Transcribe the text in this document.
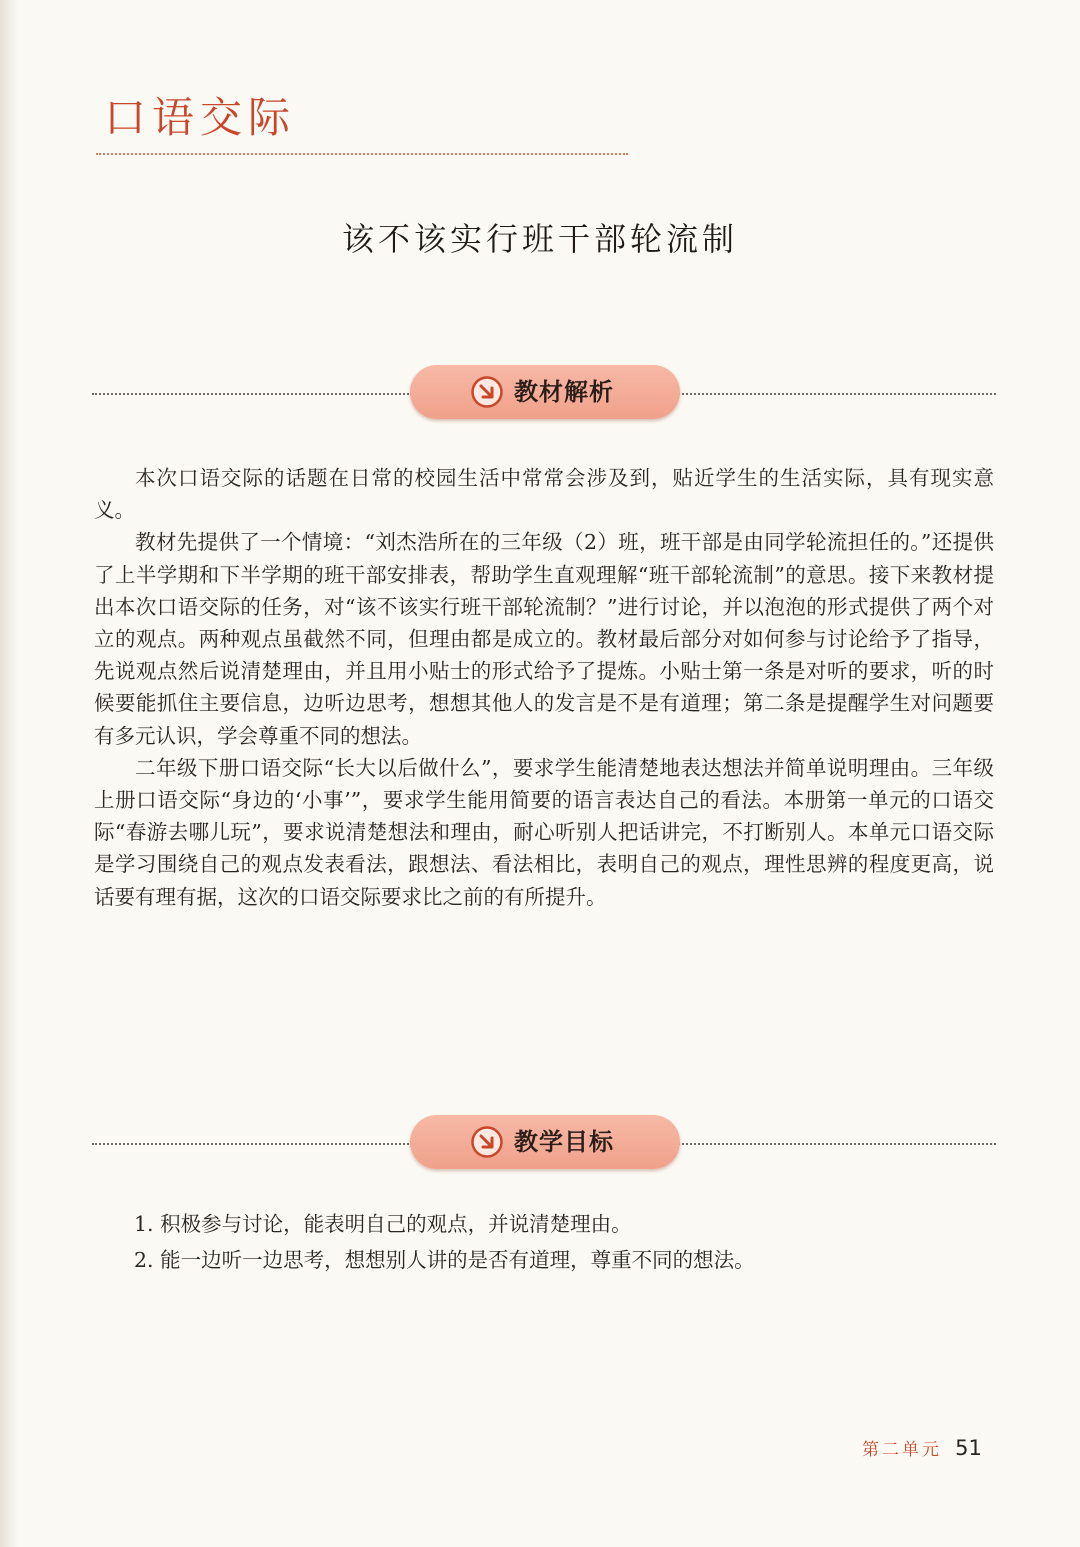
口语交际
该不该实行班干部轮流制
教材解析

本次口语交际的话题在日常的校园生活中常常会涉及到，贴近学生的生活实际，具有现实意义。

教材先提供了一个情境：“刘杰浩所在的三年级（2）班，班干部是由同学轮流担任的。”还提供了上半学期和下半学期的班干部安排表，帮助学生直观理解“班干部轮流制”的意思。接下来教材提出本次口语交际的任务，对“该不该实行班干部轮流制？”进行讨论，并以泡泡的形式提供了两个对立的观点。两种观点虽截然不同，但理由都是成立的。教材最后部分对如何参与讨论给予了指导，先说观点然后说清楚理由，并且用小贴士的形式给予了提炼。小贴士第一条是对听的要求，听的时候要能抓住主要信息，边听边思考，想想其他人的发言是不是有道理；第二条是提醒学生对问题要有多元认识，学会尊重不同的想法。

二年级下册口语交际“长大以后做什么”，要求学生能清楚地表达想法并简单说明理由。三年级上册口语交际“身边的‘小事’”，要求学生能用简要的语言表达自己的看法。本册第一单元的口语交际“春游去哪儿玩”，要求说清楚想法和理由，耐心听别人把话讲完，不打断别人。本单元口语交际是学习围绕自己的观点发表看法，跟想法、看法相比，表明自己的观点，理性思辨的程度更高，说话要有理有据，这次的口语交际要求比之前的有所提升。

教学目标
1. 积极参与讨论，能表明自己的观点，并说清楚理由。
2. 能一边听一边思考，想想别人讲的是否有道理，尊重不同的想法。
第二单元 51
